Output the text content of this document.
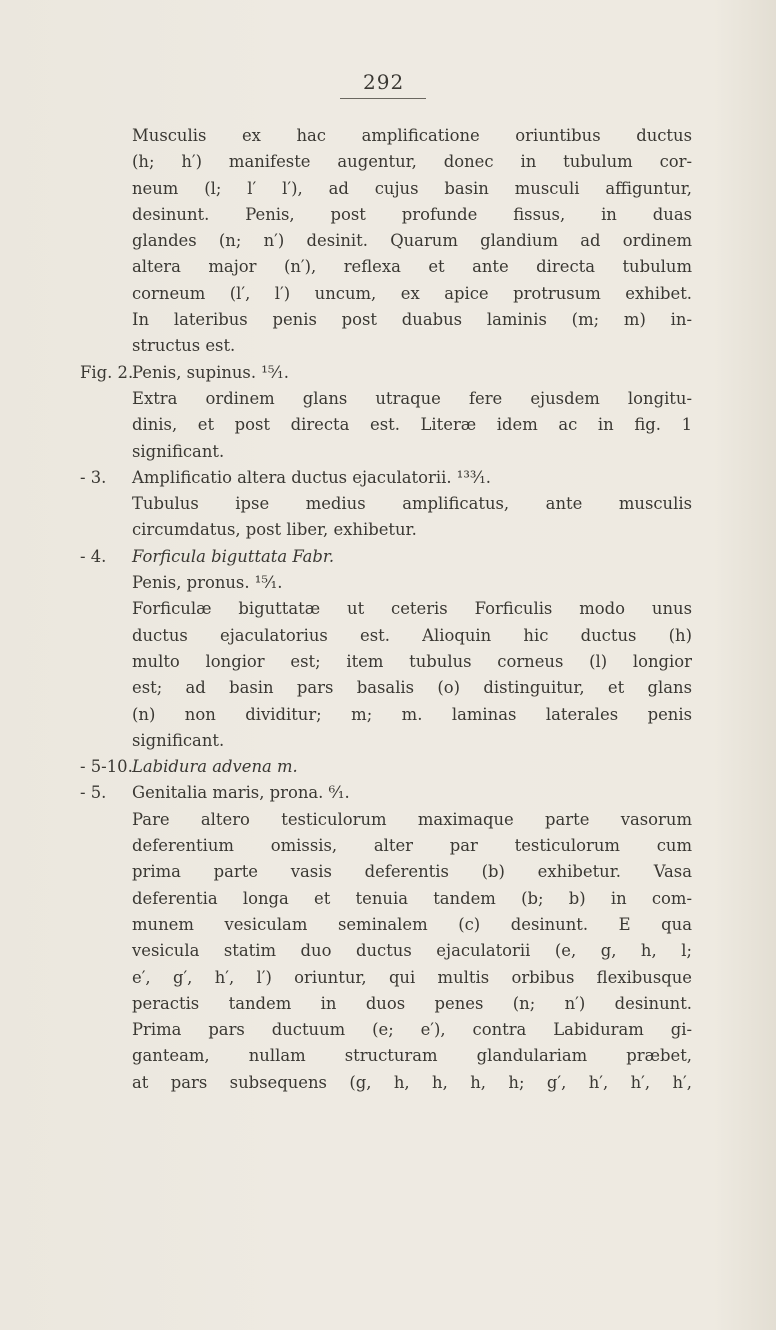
292
Musculis ex hac amplificatione oriuntibus ductus
(h; h′) manifeste augentur, donec in tubulum cor-
neum (l; l′ l′), ad cujus basin musculi affiguntur,
desinunt. Penis, post profunde fissus, in duas
glandes (n; n′) desinit. Quarum glandium ad ordinem
altera major (n′), reflexa et ante directa tubulum
corneum (l′, l′) uncum, ex apice protrusum exhibet.
In lateribus penis post duabus laminis (m; m) in-
structus est.
Fig. 2.
Penis, supinus. ¹⁵⁄₁.
Extra ordinem glans utraque fere ejusdem longitu-
dinis, et post directa est. Literæ idem ac in fig. 1
significant.
- 3.	Amplificatio altera ductus ejaculatorii. ¹³³⁄₁.
Tubulus ipse medius amplificatus, ante musculis
circumdatus, post liber, exhibetur.
- 4.	Forficula biguttata Fabr.
Penis, pronus. ¹⁵⁄₁.
Forficulæ biguttatæ ut ceteris Forficulis modo unus
ductus ejaculatorius est. Alioquin hic ductus (h)
multo longior est; item tubulus corneus (l) longior
est; ad basin pars basalis (o) distinguitur, et glans
(n) non dividitur; m; m. laminas laterales penis
significant.
- 5-10. Labidura advena m.
- 5.	Genitalia maris, prona. ⁶⁄₁.
Pare altero testiculorum maximaque parte vasorum
deferentium omissis, alter par testiculorum cum
prima parte vasis deferentis (b) exhibetur. Vasa
deferentia longa et tenuia tandem (b; b) in com-
munem vesiculam seminalem (c) desinunt. E qua
vesicula statim duo ductus ejaculatorii (e, g, h, l;
e′, g′, h′, l′) oriuntur, qui multis orbibus flexibusque
peractis tandem in duos penes (n; n′) desinunt.
Prima pars ductuum (e; e′), contra Labiduram gi-
ganteam, nullam structuram glandulariam præbet,
at pars subsequens (g, h, h, h, h; g′, h′, h′, h′,
